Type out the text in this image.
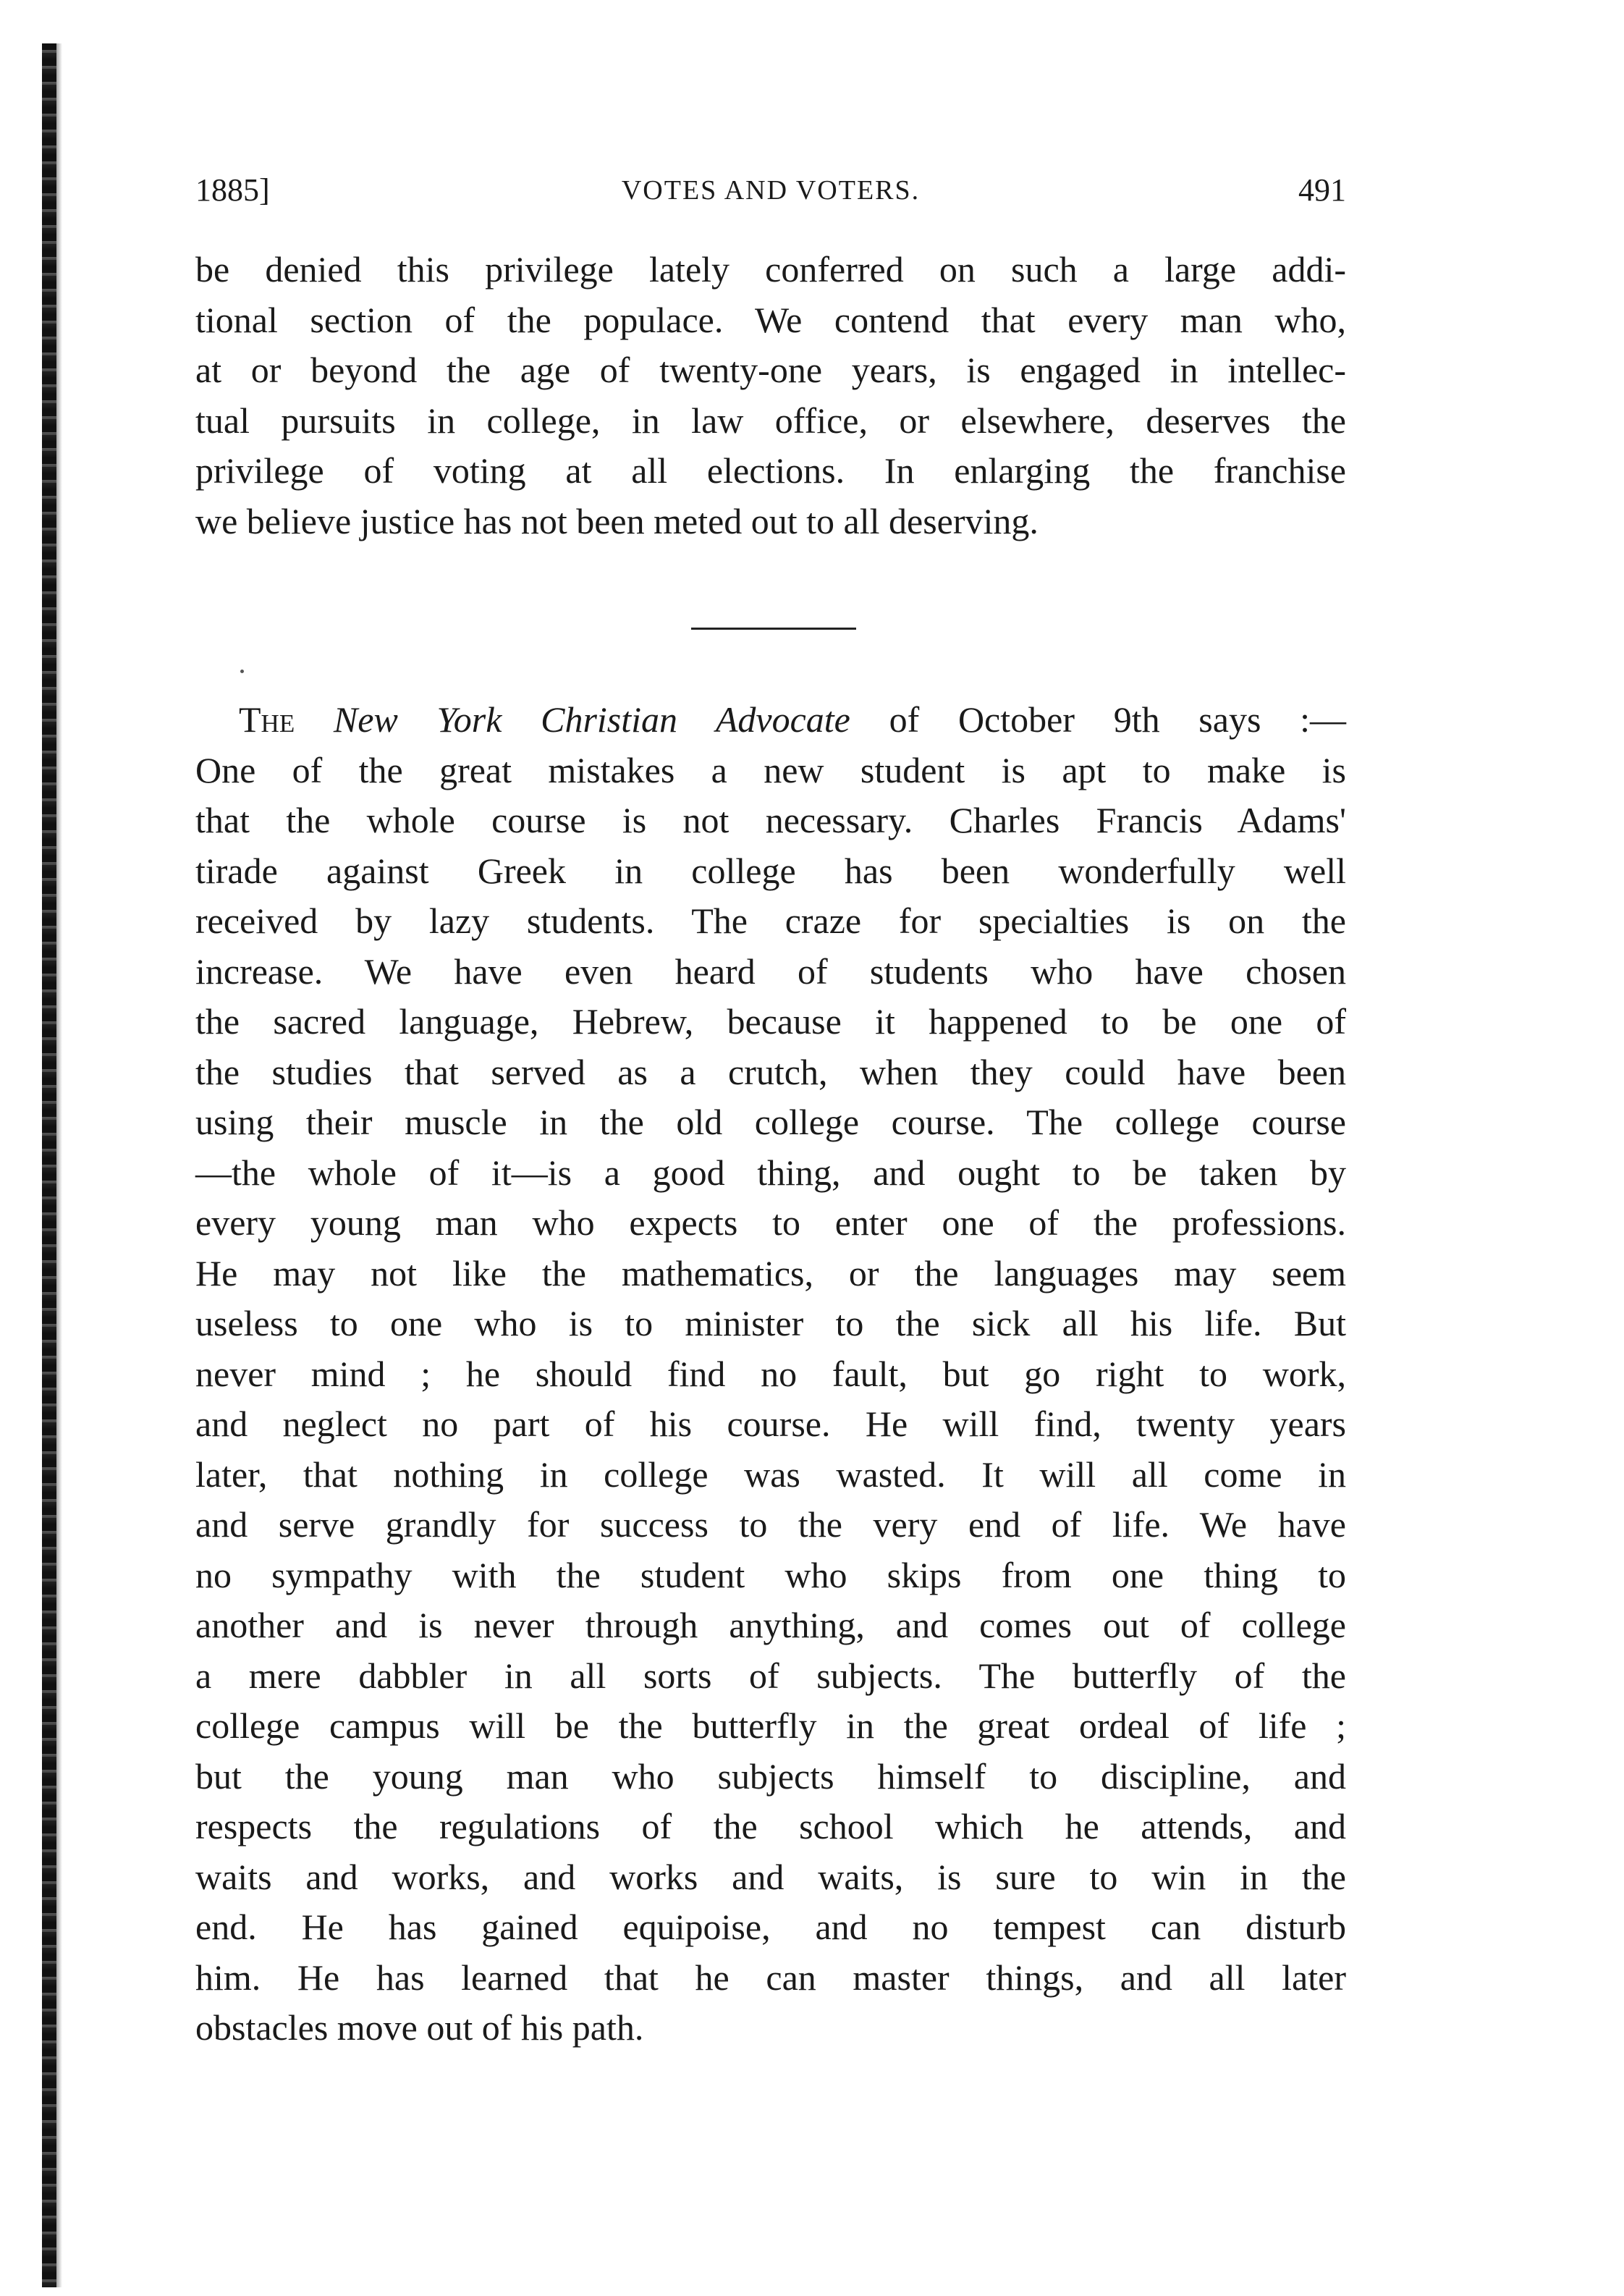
1885]	VOTES AND VOTERS.	491
be denied this privilege lately conferred on such a large addi-
tional section of the populace. We contend that every man who,
at or beyond the age of twenty-one years, is engaged in intellec-
tual pursuits in college, in law office, or elsewhere, deserves the
privilege of voting at all elections. In enlarging the franchise
we believe justice has not been meted out to all deserving.
The New York Christian Advocate of October 9th says :—
One of the great mistakes a new student is apt to make is
that the whole course is not necessary. Charles Francis Adams'
tirade against Greek in college has been wonderfully well
received by lazy students. The craze for specialties is on the
increase. We have even heard of students who have chosen
the sacred language, Hebrew, because it happened to be one of
the studies that served as a crutch, when they could have been
using their muscle in the old college course. The college course
—the whole of it—is a good thing, and ought to be taken by
every young man who expects to enter one of the professions.
He may not like the mathematics, or the languages may seem
useless to one who is to minister to the sick all his life. But
never mind ; he should find no fault, but go right to work,
and neglect no part of his course. He will find, twenty years
later, that nothing in college was wasted. It will all come in
and serve grandly for success to the very end of life. We have
no sympathy with the student who skips from one thing to
another and is never through anything, and comes out of college
a mere dabbler in all sorts of subjects. The butterfly of the
college campus will be the butterfly in the great ordeal of life ;
but the young man who subjects himself to discipline, and
respects the regulations of the school which he attends, and
waits and works, and works and waits, is sure to win in the
end. He has gained equipoise, and no tempest can disturb
him. He has learned that he can master things, and all later
obstacles move out of his path.
